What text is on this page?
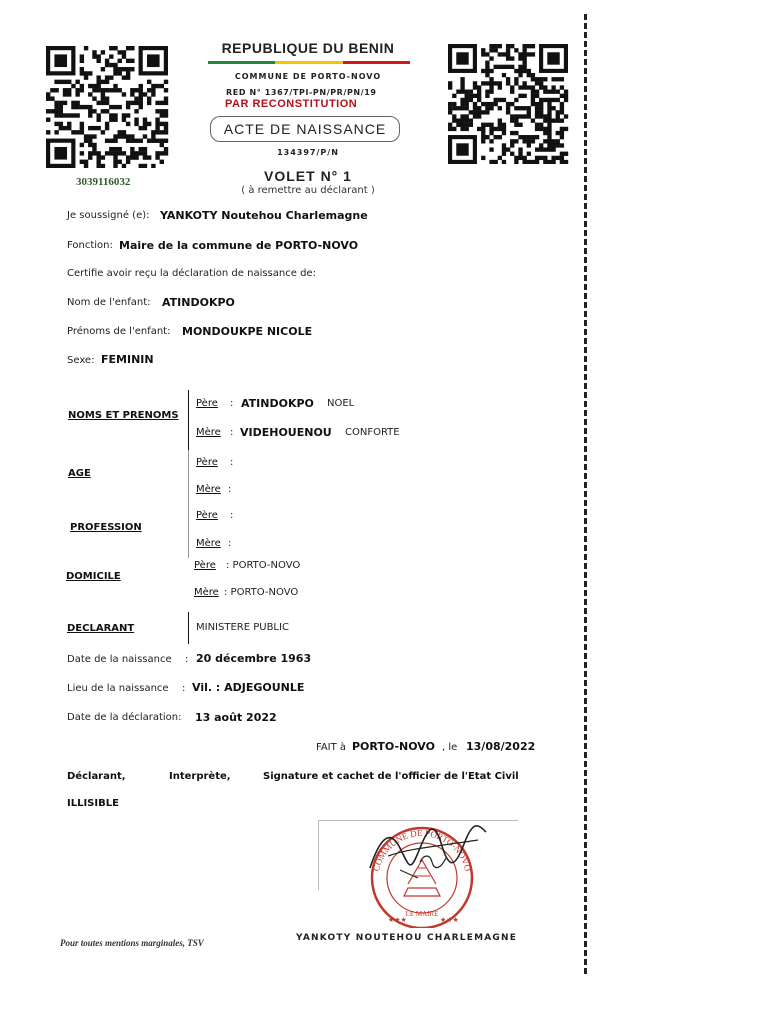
REPUBLIQUE DU BENIN
COMMUNE DE PORTO-NOVO
RED N° 1367/TPI-PN/PR/PN/19
PAR RECONSTITUTION
ACTE DE NAISSANCE
134397/P/N
3039116032	VOLET N° 1
( à remettre au déclarant )
Je soussigné (e): YANKOTY Noutehou Charlemagne
Fonction: Maire de la commune de PORTO-NOVO
Certifie avoir reçu la déclaration de naissance de:
Nom de l'enfant: ATINDOKPO
Prénoms de l'enfant: MONDOUKPE NICOLE
Sexe: FEMININ
NOMS ET PRENOMS
Père : ATINDOKPO NOEL
Mère : VIDEHOUENOU CONFORTE
AGE
Père :
Mère :
PROFESSION
Père :
Mère :
DOMICILE
Père : PORTO-NOVO
Mère : PORTO-NOVO
DECLARANT	MINISTERE PUBLIC
Date de la naissance : 20 décembre 1963
Lieu de la naissance : Vil. : ADJEGOUNLE
Date de la déclaration: 13 août 2022
FAIT à PORTO-NOVO , le 13/08/2022
Déclarant,	Interprète,	Signature et cachet de l'officier de l'Etat Civil
ILLISIBLE
COMMUNE DE PORTO-NOVO
LE MAIRE
★★★	★★★
YANKOTY NOUTEHOU CHARLEMAGNE
Pour toutes mentions marginales, TSV
